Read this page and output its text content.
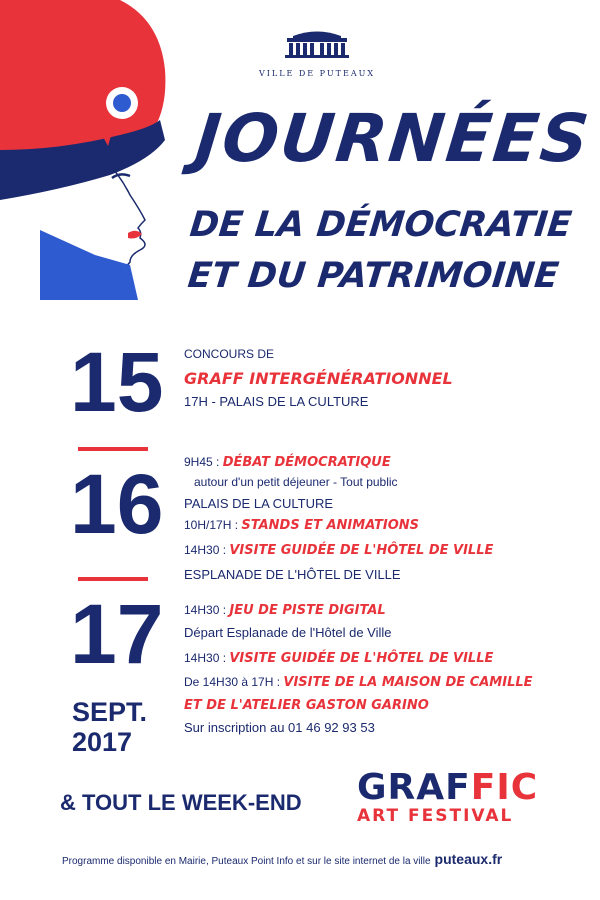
VILLE DE PUTEAUX
JOURNÉES
DE LA DÉMOCRATIE
ET DU PATRIMOINE
15
16
17
SEPT.
2017
CONCOURS DE
GRAFF INTERGÉNÉRATIONNEL
17H - PALAIS DE LA CULTURE
9H45 : DÉBAT DÉMOCRATIQUE
autour d'un petit déjeuner - Tout public
PALAIS DE LA CULTURE
10H/17H : STANDS ET ANIMATIONS
14H30 : VISITE GUIDÉE DE L'HÔTEL DE VILLE
ESPLANADE DE L'HÔTEL DE VILLE
14H30 : JEU DE PISTE DIGITAL
Départ Esplanade de l'Hôtel de Ville
14H30 : VISITE GUIDÉE DE L'HÔTEL DE VILLE
De 14H30 à 17H : VISITE DE LA MAISON DE CAMILLE
ET DE L'ATELIER GASTON GARINO
Sur inscription au 01 46 92 93 53
& TOUT LE WEEK-END GRAFFIC
ART FESTIVAL
Programme disponible en Mairie, Puteaux Point Info et sur le site internet de la ville puteaux.fr
